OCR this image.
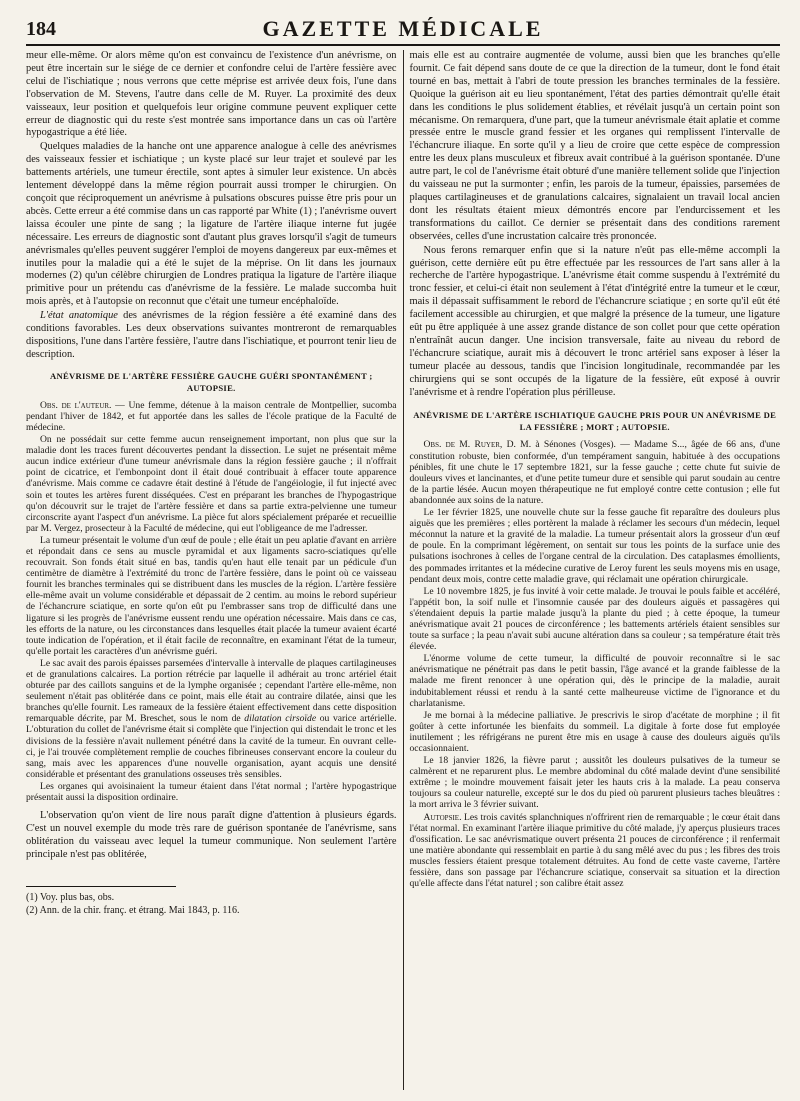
184	GAZETTE MÉDICALE

meur elle-même. Or alors même qu'on est convaincu de l'existence d'un anévrisme, on peut être incertain sur le siége de ce dernier et confondre celui de l'artère fessière avec celui de l'ischiatique ; nous verrons que cette méprise est arrivée deux fois, l'une dans l'observation de M. Stevens, l'autre dans celle de M. Ruyer. La proximité des deux vaisseaux, leur position et quelquefois leur origine commune peuvent expliquer cette erreur de diagnostic qui du reste s'est montrée sans importance dans un cas où l'artère hypogastrique a été liée.

Quelques maladies de la hanche ont une apparence analogue à celle des anévrismes des vaisseaux fessier et ischiatique ; un kyste placé sur leur trajet et soulevé par les battements artériels, une tumeur érectile, sont aptes à simuler leur existence. Un abcès lentement développé dans la même région pourrait aussi tromper le chirurgien. On conçoit que réciproquement un anévrisme à pulsations obscures puisse être pris pour un abcès. Cette erreur a été commise dans un cas rapporté par White (1) ; l'anévrisme ouvert laissa écouler une pinte de sang ; la ligature de l'artère iliaque interne fut jugée nécessaire. Les erreurs de diagnostic sont d'autant plus graves lorsqu'il s'agit de tumeurs anévrismales qu'elles peuvent suggérer l'emploi de moyens dangereux par eux-mêmes et inutiles pour la maladie qui a été le sujet de la méprise. On lit dans les journaux modernes (2) qu'un célèbre chirurgien de Londres pratiqua la ligature de l'artère iliaque primitive pour un prétendu cas d'anévrisme de la fessière. Le malade succomba huit mois après, et à l'autopsie on reconnut que c'était une tumeur encéphaloïde.

L'état anatomique des anévrismes de la région fessière a été examiné dans des conditions favorables. Les deux observations suivantes montreront de remarquables dispositions, l'une dans l'artère fessière, l'autre dans l'ischiatique, et pourront tenir lieu de description.

ANÉVRISME DE L'ARTÈRE FESSIÈRE GAUCHE GUÉRI SPONTANÉMENT ; AUTOPSIE.

Obs. de l'auteur. — Une femme, détenue à la maison centrale de Montpellier, sucomba pendant l'hiver de 1842, et fut apportée dans les salles de l'école pratique de la Faculté de médecine.

On ne possédait sur cette femme aucun renseignement important, non plus que sur la maladie dont les traces furent découvertes pendant la dissection. Le sujet ne présentait même aucun indice extérieur d'une tumeur anévrismale dans la région fessière gauche ; il n'offrait point de cicatrice, et l'embonpoint dont il était doué contribuait à effacer toute apparence d'anévrisme. Mais comme ce cadavre était destiné à l'étude de l'angéiologie, il fut injecté avec soin et toutes les artères furent disséquées. C'est en préparant les branches de l'hypogastrique qu'on découvrit sur le trajet de l'artère fessière et dans sa partie extra-pelvienne une tumeur circonscrite ayant l'aspect d'un anévrisme. La pièce fut alors spécialement préparée et recueillie par M. Vergez, prosecteur à la Faculté de médecine, qui eut l'obligeance de me l'adresser.

La tumeur présentait le volume d'un œuf de poule ; elle était un peu aplatie d'avant en arrière et répondait dans ce sens au muscle pyramidal et aux ligaments sacro-sciatiques qu'elle recouvrait. Son fonds était situé en bas, tandis qu'en haut elle tenait par un pédicule d'un centimètre de diamètre à l'extrémité du tronc de l'artère fessière, dans le point où ce vaisseau fournit les branches terminales qui se distribuent dans les muscles de la région. L'artère fessière elle-même avait un volume considérable et dépassait de 2 centim. au moins le rebord supérieur de l'échancrure sciatique, en sorte qu'on eût pu l'embrasser sans trop de difficulté dans une ligature si les progrès de l'anévrisme eussent rendu une opération nécessaire. Mais dans ce cas, les efforts de la nature, ou les circonstances dans lesquelles était placée la tumeur avaient écarté toute indication de l'opération, et il était facile de reconnaître, en examinant l'état de la tumeur, qu'elle portait les caractères d'un anévrisme guéri.

Le sac avait des parois épaisses parsemées d'intervalle à intervalle de plaques cartilagineuses et de granulations calcaires. La portion rétrécie par laquelle il adhérait au tronc artériel était obturée par des caillots sanguins et de la lymphe organisée ; cependant l'artère elle-même, non seulement n'était pas oblitérée dans ce point, mais elle était au contraire dilatée, ainsi que les branches qu'elle fournit. Les rameaux de la fessière étaient effectivement dans cette disposition remarquable décrite, par M. Breschet, sous le nom de dilatation cirsoïde ou varice artérielle. L'obturation du collet de l'anévrisme était si complète que l'injection qui distendait le tronc et les divisions de la fessière n'avait nullement pénétré dans la cavité de la tumeur. En ouvrant celle-ci, je l'ai trouvée complètement remplie de couches fibrineuses conservant encore la couleur du sang, mais avec les apparences d'une nouvelle organisation, ayant acquis une densité considérable et présentant des granulations osseuses très sensibles.

Les organes qui avoisinaient la tumeur étaient dans l'état normal ; l'artère hypogastrique présentait aussi la disposition ordinaire.

L'observation qu'on vient de lire nous paraît digne d'attention à plusieurs égards. C'est un nouvel exemple du mode très rare de guérison spontanée de l'anévrisme, sans oblitération du vaisseau avec lequel la tumeur communique. Non seulement l'artère principale n'est pas oblitérée,

(1) Voy. plus bas, obs.
(2) Ann. de la chir. franç. et étrang. Mai 1843, p. 116.

mais elle est au contraire augmentée de volume, aussi bien que les branches qu'elle fournit. Ce fait dépend sans doute de ce que la direction de la tumeur, dont le fond était tourné en bas, mettait à l'abri de toute pression les branches terminales de la fessière. Quoique la guérison ait eu lieu spontanément, l'état des parties démontrait qu'elle était dans les conditions le plus solidement établies, et révélait jusqu'à un certain point son mécanisme. On remarquera, d'une part, que la tumeur anévrismale était aplatie et comme pressée entre le muscle grand fessier et les organes qui remplissent l'intervalle de l'échancrure iliaque. En sorte qu'il y a lieu de croire que cette espèce de compression entre les deux plans musculeux et fibreux avait contribué à la guérison spontanée. D'une autre part, le col de l'anévrisme était obturé d'une manière tellement solide que l'injection du vaisseau ne put la surmonter ; enfin, les parois de la tumeur, épaissies, parsemées de plaques cartilagineuses et de granulations calcaires, signalaient un travail local ancien dont les résultats étaient mieux démontrés encore par l'endurcissement et les transformations du caillot. Ce dernier se présentait dans des conditions rarement observées, celles d'une incrustation calcaire très prononcée.

Nous ferons remarquer enfin que si la nature n'eût pas elle-même accompli la guérison, cette dernière eût pu être effectuée par les ressources de l'art sans aller à la recherche de l'artère hypogastrique. L'anévrisme était comme suspendu à l'extrémité du tronc fessier, et celui-ci était non seulement à l'état d'intégrité entre la tumeur et le cœur, mais il dépassait suffisamment le rebord de l'échancrure sciatique ; en sorte qu'il eût été facilement accessible au chirurgien, et que malgré la présence de la tumeur, une ligature eût pu être appliquée à une assez grande distance de son collet pour que cette opération n'entraînât aucun danger. Une incision transversale, faite au niveau du rebord de l'échancrure sciatique, aurait mis à découvert le tronc artériel sans exposer à léser la tumeur placée au dessous, tandis que l'incision longitudinale, recommandée par les chirurgiens qui se sont occupés de la ligature de la fessière, eût exposé à ouvrir l'anévrisme et à rendre l'opération plus périlleuse.

ANÉVRISME DE L'ARTÈRE ISCHIATIQUE GAUCHE PRIS POUR UN ANÉVRISME DE LA FESSIÈRE ; MORT ; AUTOPSIE.

Obs. de M. Ruyer, D. M. à Sénones (Vosges). — Madame S..., âgée de 66 ans, d'une constitution robuste, bien conformée, d'un tempérament sanguin, habituée à des occupations pénibles, fit une chute le 17 septembre 1821, sur la fesse gauche ; cette chute fut suivie de douleurs vives et lancinantes, et d'une petite tumeur dure et sensible qui parut soudain au centre de la partie lésée. Aucun moyen thérapeutique ne fut employé contre cette contusion ; elle fut abandonnée aux soins de la nature.

Le 1er février 1825, une nouvelle chute sur la fesse gauche fit reparaître des douleurs plus aiguës que les premières ; elles portèrent la malade à réclamer les secours d'un médecin, lequel méconnut la nature et la gravité de la maladie. La tumeur présentait alors la grosseur d'un œuf de poule. En la comprimant légèrement, on sentait sur tous les points de la surface unie des pulsations isochrones à celles de l'organe central de la circulation. Des cataplasmes émollients, des pommades irritantes et la médecine curative de Leroy furent les seuls moyens mis en usage, pendant deux mois, contre cette maladie grave, qui réclamait une opération chirurgicale.

Le 10 novembre 1825, je fus invité à voir cette malade. Je trouvai le pouls faible et accéléré, l'appétit bon, la soif nulle et l'insomnie causée par des douleurs aiguës et passagères qui s'étendaient depuis la partie malade jusqu'à la plante du pied ; à cette époque, la tumeur anévrismatique avait 21 pouces de circonférence ; les battements artériels étaient sensibles sur toute sa surface ; la peau n'avait subi aucune altération dans sa couleur ; sa température était très élevée.

L'énorme volume de cette tumeur, la difficulté de pouvoir reconnaître si le sac anévrismatique ne pénétrait pas dans le petit bassin, l'âge avancé et la grande faiblesse de la malade me firent renoncer à une opération qui, dès le principe de la maladie, aurait indubitablement réussi et rendu à la santé cette malheureuse victime de l'ignorance et du charlatanisme.

Je me bornai à la médecine palliative. Je prescrivis le sirop d'acétate de morphine ; il fit goûter à cette infortunée les bienfaits du sommeil. La digitale à forte dose fut employée inutilement ; les réfrigérans ne purent être mis en usage à cause des douleurs aiguës qu'ils occasionnaient.

Le 18 janvier 1826, la fièvre parut ; aussitôt les douleurs pulsatives de la tumeur se calmèrent et ne reparurent plus. Le membre abdominal du côté malade devint d'une sensibilité extrême ; le moindre mouvement faisait jeter les hauts cris à la malade. La peau conserva toujours sa couleur naturelle, excepté sur le dos du pied où parurent plusieurs taches bleuâtres : la mort arriva le 3 février suivant.

Autopsie. Les trois cavités splanchniques n'offrirent rien de remarquable ; le cœur était dans l'état normal. En examinant l'artère iliaque primitive du côté malade, j'y aperçus plusieurs traces d'ossification. Le sac anévrismatique ouvert présenta 21 pouces de circonférence ; il renfermait une matière abondante qui ressemblait en partie à du sang mêlé avec du pus ; les fibres des trois muscles fessiers étaient presque totalement détruites. Au fond de cette vaste caverne, l'artère fessière, dans son passage par l'échancrure sciatique, conservait sa situation et la direction qu'elle affecte dans l'état naturel ; son calibre était assez
